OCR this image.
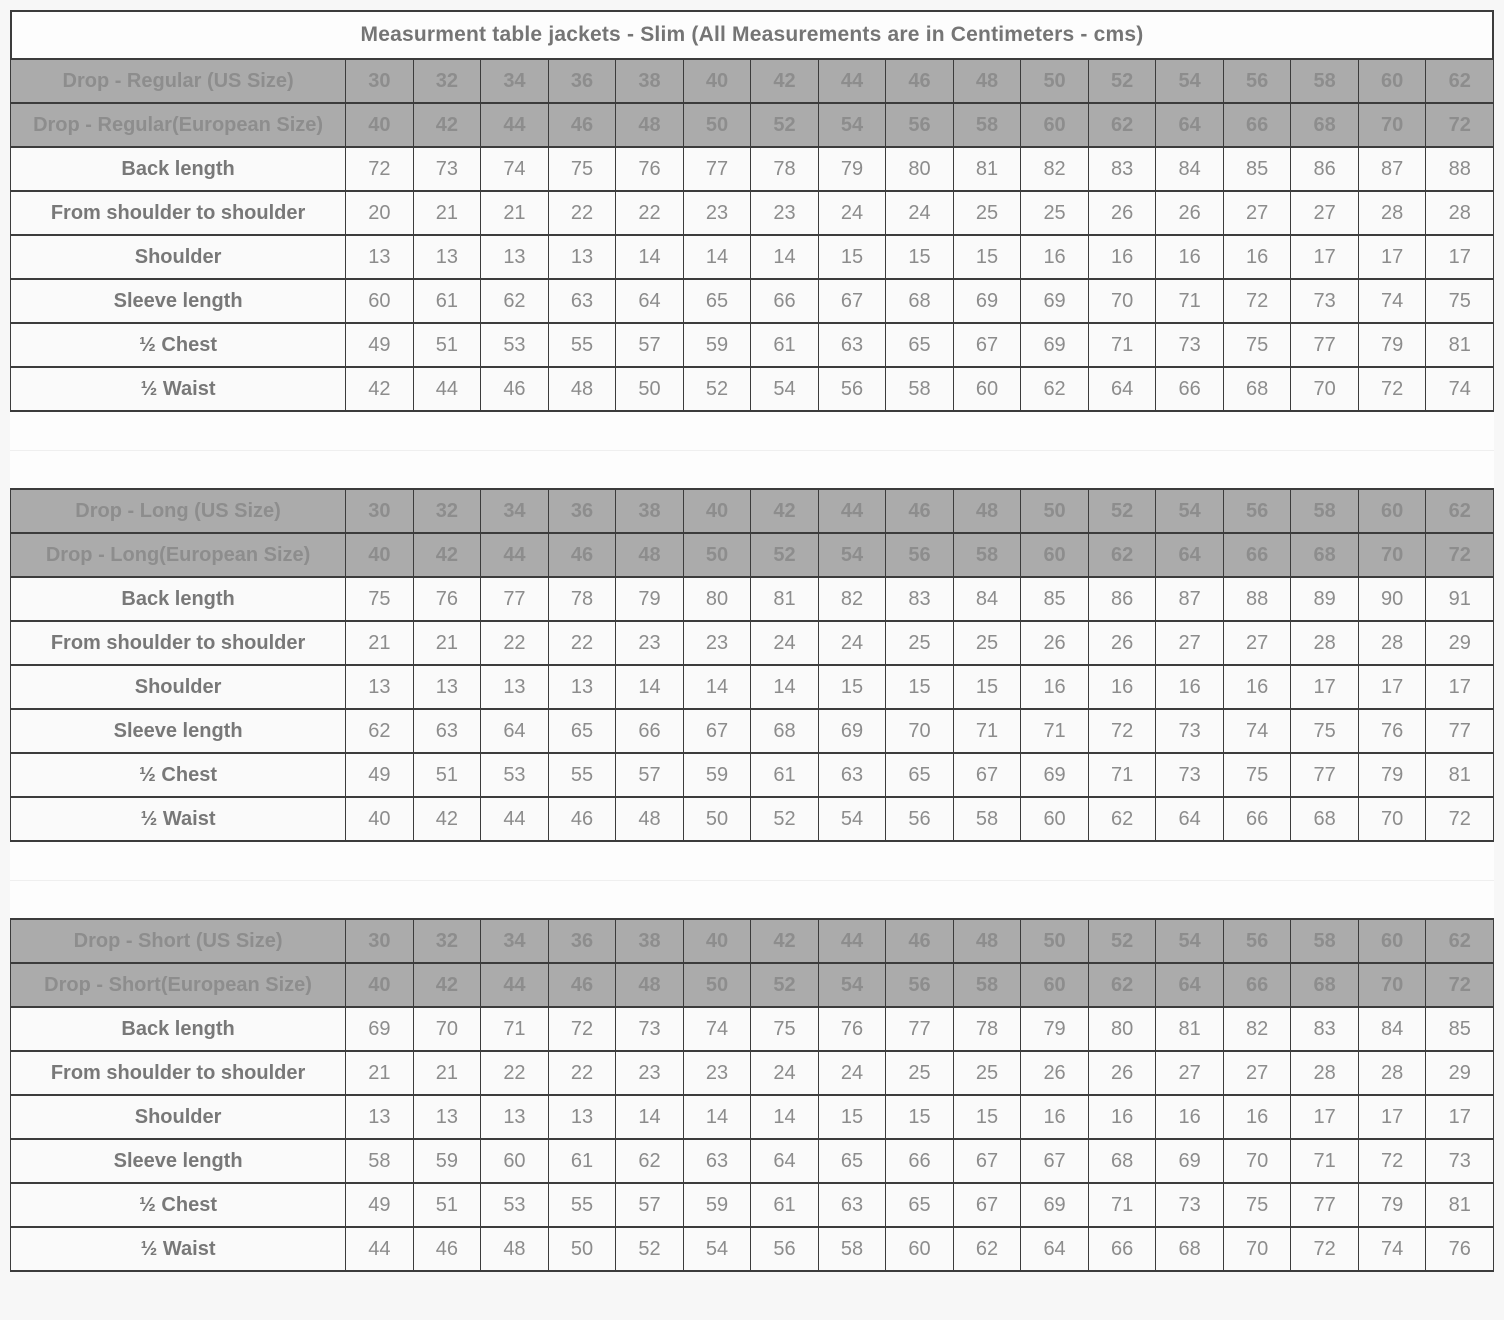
Measurment table jackets - Slim (All Measurements are in Centimeters - cms)
Drop - Regular (US Size)	30	32	34	36	38	40	42	44	46	48	50	52	54	56	58	60	62
Drop - Regular(European Size)	40	42	44	46	48	50	52	54	56	58	60	62	64	66	68	70	72
Back length	72	73	74	75	76	77	78	79	80	81	82	83	84	85	86	87	88
From shoulder to shoulder	20	21	21	22	22	23	23	24	24	25	25	26	26	27	27	28	28
Shoulder	13	13	13	13	14	14	14	15	15	15	16	16	16	16	17	17	17
Sleeve length	60	61	62	63	64	65	66	67	68	69	69	70	71	72	73	74	75
½ Chest	49	51	53	55	57	59	61	63	65	67	69	71	73	75	77	79	81
½ Waist	42	44	46	48	50	52	54	56	58	60	62	64	66	68	70	72	74
Drop - Long (US Size)	30	32	34	36	38	40	42	44	46	48	50	52	54	56	58	60	62
Drop - Long(European Size)	40	42	44	46	48	50	52	54	56	58	60	62	64	66	68	70	72
Back length	75	76	77	78	79	80	81	82	83	84	85	86	87	88	89	90	91
From shoulder to shoulder	21	21	22	22	23	23	24	24	25	25	26	26	27	27	28	28	29
Shoulder	13	13	13	13	14	14	14	15	15	15	16	16	16	16	17	17	17
Sleeve length	62	63	64	65	66	67	68	69	70	71	71	72	73	74	75	76	77
½ Chest	49	51	53	55	57	59	61	63	65	67	69	71	73	75	77	79	81
½ Waist	40	42	44	46	48	50	52	54	56	58	60	62	64	66	68	70	72
Drop - Short (US Size)	30	32	34	36	38	40	42	44	46	48	50	52	54	56	58	60	62
Drop - Short(European Size)	40	42	44	46	48	50	52	54	56	58	60	62	64	66	68	70	72
Back length	69	70	71	72	73	74	75	76	77	78	79	80	81	82	83	84	85
From shoulder to shoulder	21	21	22	22	23	23	24	24	25	25	26	26	27	27	28	28	29
Shoulder	13	13	13	13	14	14	14	15	15	15	16	16	16	16	17	17	17
Sleeve length	58	59	60	61	62	63	64	65	66	67	67	68	69	70	71	72	73
½ Chest	49	51	53	55	57	59	61	63	65	67	69	71	73	75	77	79	81
½ Waist	44	46	48	50	52	54	56	58	60	62	64	66	68	70	72	74	76
